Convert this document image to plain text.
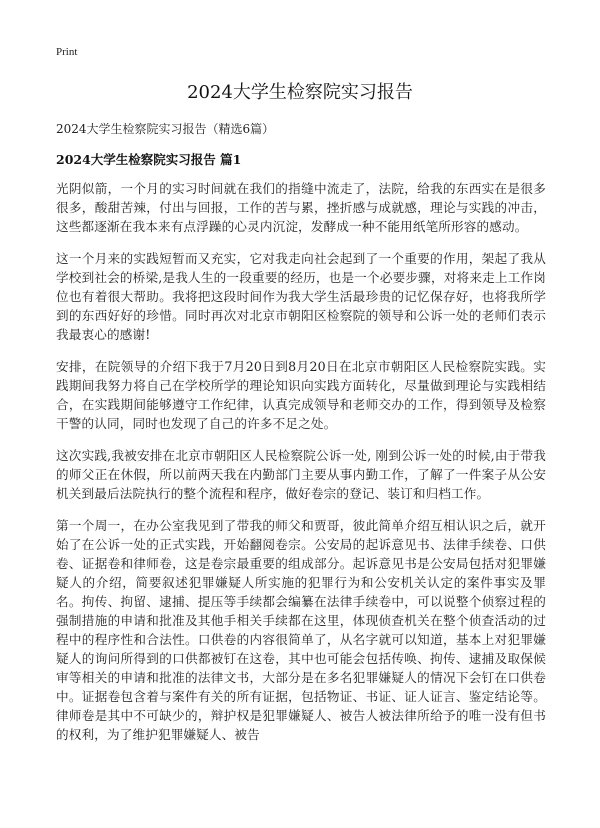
Print
2024大学生检察院实习报告

2024大学生检察院实习报告（精选6篇）

2024大学生检察院实习报告 篇1

光阴似箭，一个月的实习时间就在我们的指缝中流走了，法院，给我的东西实在是很多很多，酸甜苦辣，付出与回报，工作的苦与累，挫折感与成就感，理论与实践的冲击，这些都逐渐在我本来有点浮躁的心灵内沉淀，发酵成一种不能用纸笔所形容的感动。

这一个月来的实践短暂而又充实，它对我走向社会起到了一个重要的作用，架起了我从学校到社会的桥梁,是我人生的一段重要的经历，也是一个必要步骤，对将来走上工作岗位也有着很大帮助。我将把这段时间作为我大学生活最珍贵的记忆保存好，也将我所学到的东西好好的珍惜。同时再次对北京市朝阳区检察院的领导和公诉一处的老师们表示我最衷心的感谢!

安排，在院领导的介绍下我于7月20日到8月20日在北京市朝阳区人民检察院实践。实践期间我努力将自己在学校所学的理论知识向实践方面转化，尽量做到理论与实践相结合，在实践期间能够遵守工作纪律，认真完成领导和老师交办的工作，得到领导及检察干警的认同，同时也发现了自己的许多不足之处。

这次实践,我被安排在北京市朝阳区人民检察院公诉一处, 刚到公诉一处的时候,由于带我的师父正在休假，所以前两天我在内勤部门主要从事内勤工作，了解了一件案子从公安机关到最后法院执行的整个流程和程序，做好卷宗的登记、装订和归档工作。

第一个周一，在办公室我见到了带我的师父和贾哥，彼此简单介绍互相认识之后，就开始了在公诉一处的正式实践，开始翻阅卷宗。公安局的起诉意见书、法律手续卷、口供卷、证据卷和律师卷，这是卷宗最重要的组成部分。起诉意见书是公安局包括对犯罪嫌疑人的介绍，简要叙述犯罪嫌疑人所实施的犯罪行为和公安机关认定的案件事实及罪名。拘传、拘留、逮捕、提压等手续都会编纂在法律手续卷中，可以说整个侦察过程的强制措施的申请和批准及其他手相关手续都在这里，体现侦查机关在整个侦查活动的过程中的程序性和合法性。口供卷的内容很简单了，从名字就可以知道，基本上对犯罪嫌疑人的询问所得到的口供都被钉在这卷，其中也可能会包括传唤、拘传、逮捕及取保候审等相关的申请和批准的法律文书，大部分是在多名犯罪嫌疑人的情况下会钉在口供卷中。证据卷包含着与案件有关的所有证据，包括物证、书证、证人证言、鉴定结论等。律师卷是其中不可缺少的，辩护权是犯罪嫌疑人、被告人被法律所给予的唯一没有但书的权利，为了维护犯罪嫌疑人、被告
